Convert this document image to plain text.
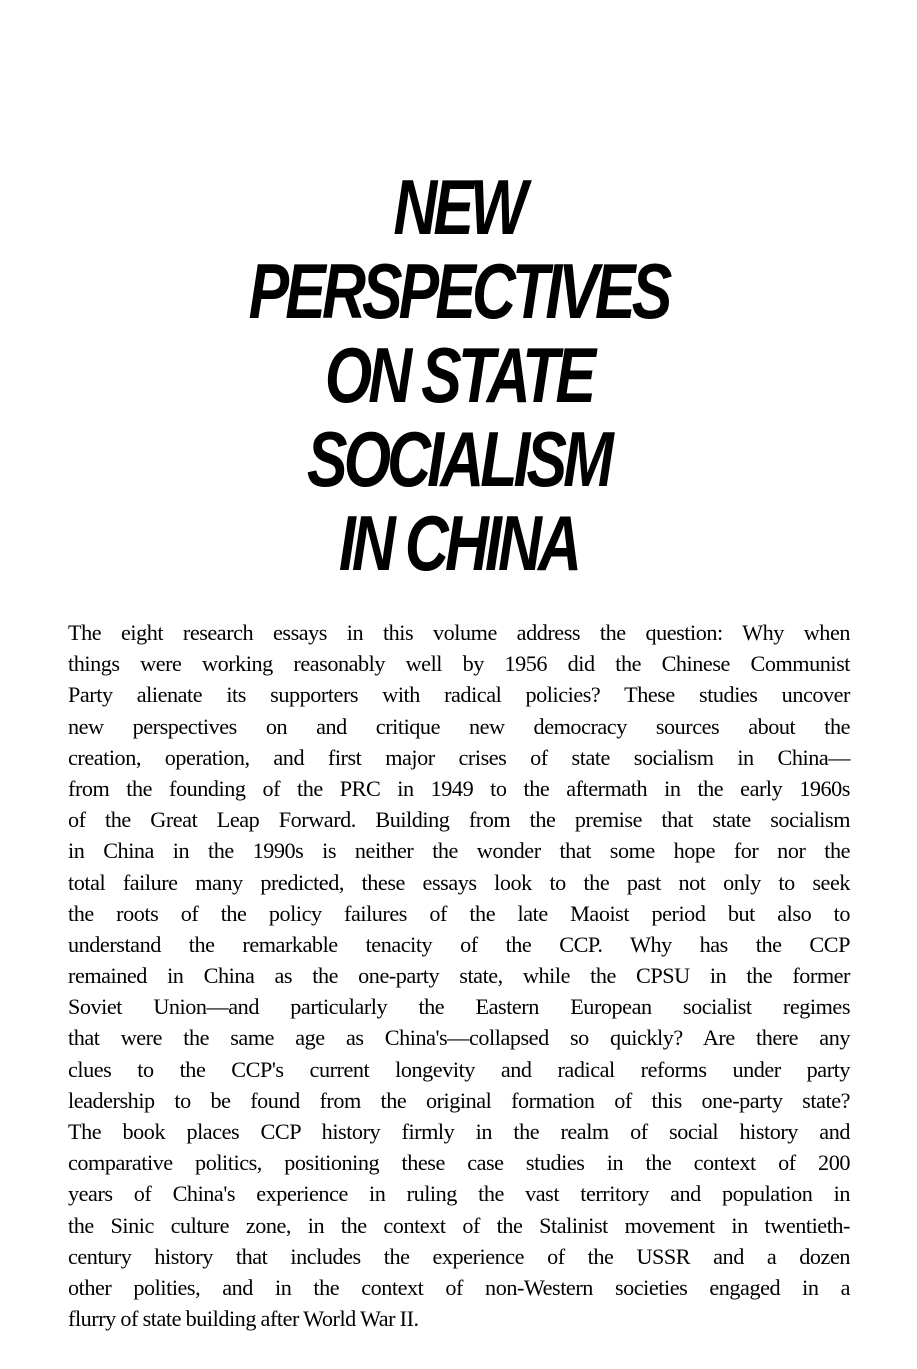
NEW
PERSPECTIVES
ON STATE
SOCIALISM
IN CHINA
The eight research essays in this volume address the question: Why when
things were working reasonably well by 1956 did the Chinese Communist
Party alienate its supporters with radical policies? These studies uncover
new perspectives on and critique new democracy sources about the
creation, operation, and first major crises of state socialism in China—
from the founding of the PRC in 1949 to the aftermath in the early 1960s
of the Great Leap Forward. Building from the premise that state socialism
in China in the 1990s is neither the wonder that some hope for nor the
total failure many predicted, these essays look to the past not only to seek
the roots of the policy failures of the late Maoist period but also to
understand the remarkable tenacity of the CCP. Why has the CCP
remained in China as the one-party state, while the CPSU in the former
Soviet Union—and particularly the Eastern European socialist regimes
that were the same age as China's—collapsed so quickly? Are there any
clues to the CCP's current longevity and radical reforms under party
leadership to be found from the original formation of this one-party state?
The book places CCP history firmly in the realm of social history and
comparative politics, positioning these case studies in the context of 200
years of China's experience in ruling the vast territory and population in
the Sinic culture zone, in the context of the Stalinist movement in twentieth-
century history that includes the experience of the USSR and a dozen
other polities, and in the context of non-Western societies engaged in a
flurry of state building after World War II.
